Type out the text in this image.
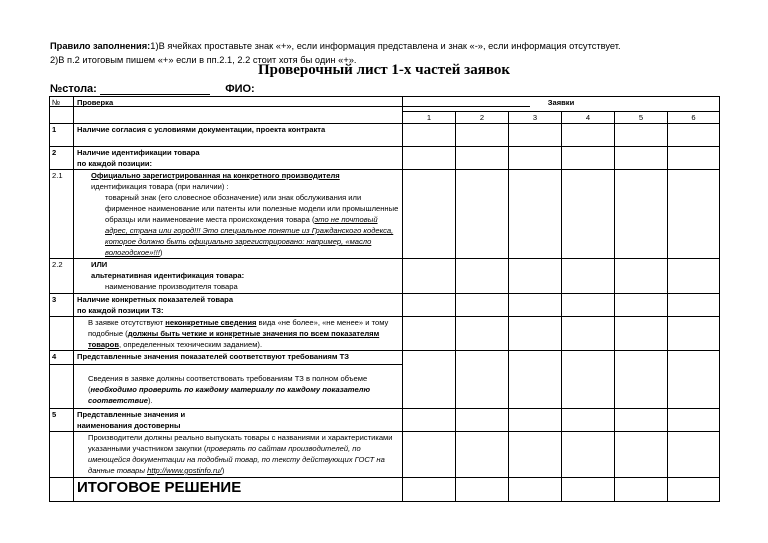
Правило заполнения:1)В ячейках проставьте знак «+», если информация представлена и знак «-», если информация отсутствует.
2)В п.2 итоговым пишем «+» если в пп.2.1, 2.2 стоит хотя бы один «+».
Проверочный лист 1-х частей заявок
№стола:	ФИО:
№	Проверка	Заявки					
		1	2	3	4	5	6
1	Наличие согласия с условиями документации, проекта контракта						
2	Наличие идентификации товара
по каждой позиции:						

2.1	Официально зарегистрированная на конкретного производителя
идентификация товара (при наличии) :
товарный знак (его словесное обозначение) или знак обслуживания или фирменное наименование или патенты или полезные модели или промышленные образцы или наименование места происхождения товара (это не почтовый адрес, страна или город!!! Это специальное понятие из Гражданского кодекса, которое должно быть официально зарегистрировано: например, «масло вологодское»!!!)						

2.2	ИЛИ
альтернативная идентификация товара:
наименование производителя товара						

3	Наличие конкретных показателей товара
по каждой позиции ТЗ:						

	В заявке отсутствуют неконкретные сведения вида «не более», «не менее» и тому подобные (должны быть четкие и конкретные значения по всем показателям товаров, определенных техническим заданием).						
4	Представленные значения показателей соответствуют требованиям ТЗ						

Сведения в заявке должны соответствовать требованиям ТЗ в полном объеме (необходимо проверить по каждому материалу по каждому показателю соответствие).						
5	Представленные значения и
наименования достоверны						

	Производители должны реально выпускать товары с названиями и характеристиками указанными участником закупки (проверять по сайтам производителей, по имеющейся документации на подобный товар, по тексту действующих ГОСТ на данные товары http://www.gostinfo.ru/)						
	ИТОГОВОЕ РЕШЕНИЕ						
